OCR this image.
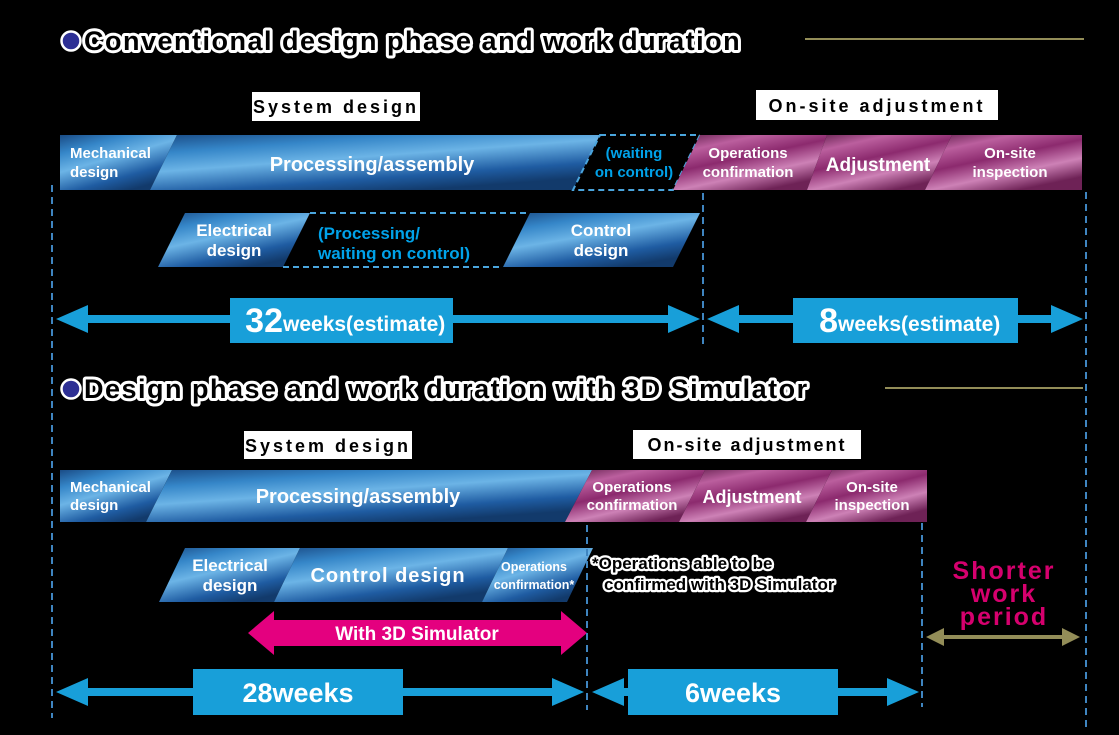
Conventional design phase and work duration
System design	On-site adjustment
Mechanical
design	Processing/assembly
(waiting
on control)
Operations
confirmation Adjustment
On-site
inspection
Electrical
design
(Processing/
waiting on control)
Control
design
32 weeks(estimate)	8 weeks(estimate)
Design phase and work duration with 3D Simulator
System design	On-site adjustment
Mechanical
design	Processing/assembly	Operations
confirmation Adjustment	On-site
inspection
Electrical
design	Control design	Operations
confirmation*
*Operations able to be
confirmed with 3D Simulator
With 3D Simulator
Shorter
work
period
28weeks	6weeks
